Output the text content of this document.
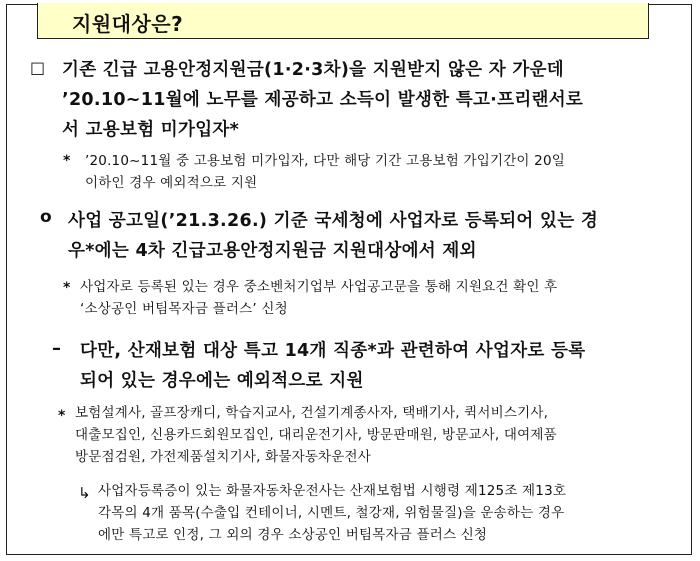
지원대상은?
□ 기존 긴급 고용안정지원금(1·2·3차)을 지원받지 않은 자 가운데
’20.10~11월에 노무를 제공하고 소득이 발생한 특고·프리랜서로
서 고용보험 미가입자*
* ’20.10~11월 중 고용보험 미가입자, 다만 해당 기간 고용보험 가입기간이 20일
이하인 경우 예외적으로 지원
o 사업 공고일(’21.3.26.) 기준 국세청에 사업자로 등록되어 있는 경
우*에는 4차 긴급고용안정지원금 지원대상에서 제외
* 사업자로 등록된 있는 경우 중소벤처기업부 사업공고문을 통해 지원요건 확인 후
‘소상공인 버팀목자금 플러스’ 신청
– 다만, 산재보험 대상 특고 14개 직종*과 관련하여 사업자로 등록
되어 있는 경우에는 예외적으로 지원
* 보험설계사, 골프장캐디, 학습지교사, 건설기계종사자, 택배기사, 퀵서비스기사,
대출모집인, 신용카드회원모집인, 대리운전기사, 방문판매원, 방문교사, 대여제품
방문점검원, 가전제품설치기사, 화물자동차운전사
↳ 사업자등록증이 있는 화물자동차운전사는 산재보험법 시행령 제125조 제13호
각목의 4개 품목(수출입 컨테이너, 시멘트, 철강재, 위험물질)을 운송하는 경우
에만 특고로 인정, 그 외의 경우 소상공인 버팀목자금 플러스 신청
